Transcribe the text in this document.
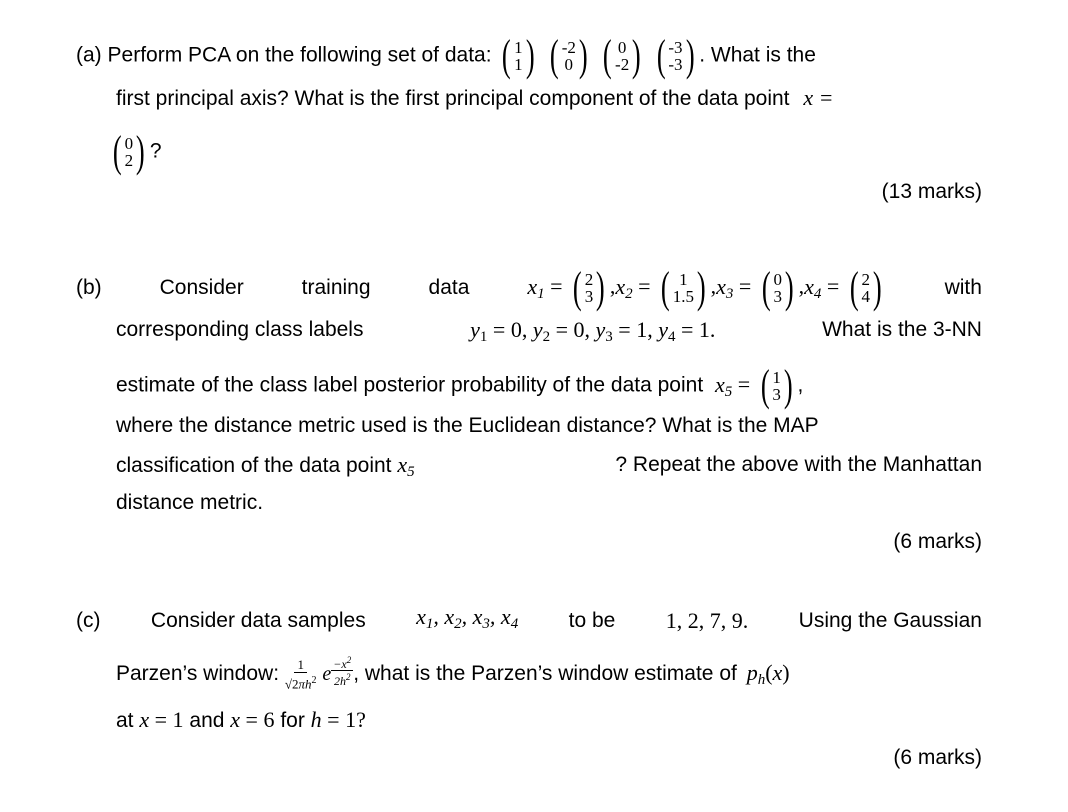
(a) Perform PCA on the following set of data: ( 1
1 )
( -2
0 )
( 0
-2 )
( -3
-3 ) . What is the
first principal axis? What is the first principal component of the data point x =
( 0
2 ) ?
(13 marks)
(b)	Consider	training	data	$x_1$ = ( 2
3 ) $,x_2$ = ( 1
1.5 ) $,x_3$ = ( 0
3 ) $,x_4$ = ( 2
4 )	with
corresponding class labels	$y_1 = 0$, $y_2 = 0$, $y_3 = 1$, $y_4 = 1$.	What is the 3-NN
estimate of the class label posterior probability of the data point $x_5$ = ( 1
3 ) ,
where the distance metric used is the Euclidean distance? What is the MAP
classification of the data point $x_5$	? Repeat the above with the Manhattan
distance metric.
(6 marks)
(c) Consider data samples $x_1$, $x_2$, $x_3$, $x_4$ to be 1, 2, 7, 9. Using the Gaussian
Parzen’s window: $\frac{1}{√2\pi h^2}$ e $\frac{-x^2}{2h^2}$ , what is the Parzen’s window estimate of $p_h(x)$
at x = 1 and x = 6 for h = 1?
(6 marks)
